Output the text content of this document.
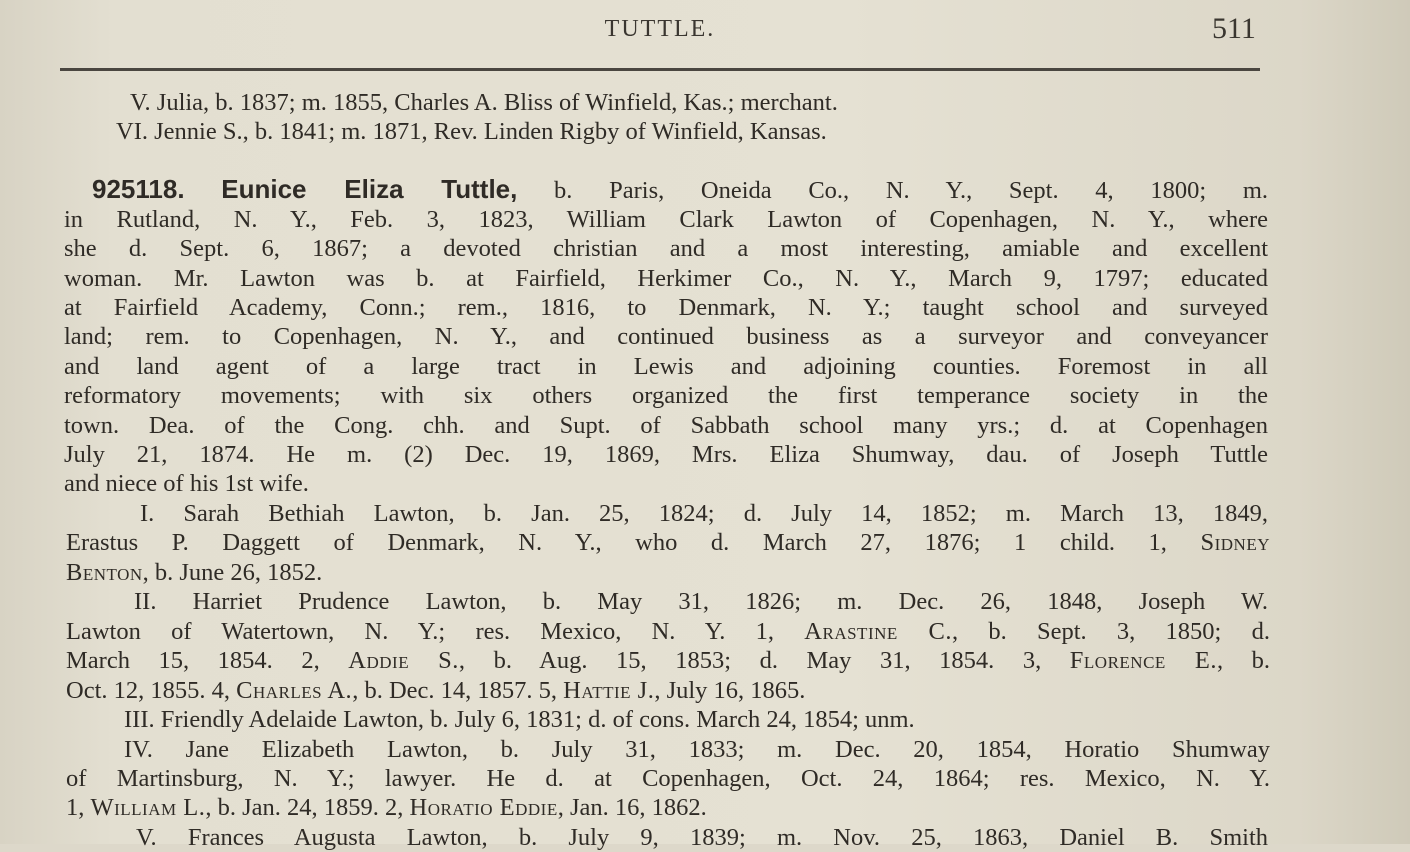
TUTTLE.	511
V. Julia, b. 1837; m. 1855, Charles A. Bliss of Winfield, Kas.; merchant.
VI. Jennie S., b. 1841; m. 1871, Rev. Linden Rigby of Winfield, Kansas.
925118. Eunice Eliza Tuttle, b. Paris, Oneida Co., N. Y., Sept. 4, 1800; m.
in Rutland, N. Y., Feb. 3, 1823, William Clark Lawton of Copenhagen, N. Y., where
she d. Sept. 6, 1867; a devoted christian and a most interesting, amiable and excellent
woman. Mr. Lawton was b. at Fairfield, Herkimer Co., N. Y., March 9, 1797; educated
at Fairfield Academy, Conn.; rem., 1816, to Denmark, N. Y.; taught school and surveyed
land; rem. to Copenhagen, N. Y., and continued business as a surveyor and conveyancer
and land agent of a large tract in Lewis and adjoining counties. Foremost in all
reformatory movements; with six others organized the first temperance society in the
town. Dea. of the Cong. chh. and Supt. of Sabbath school many yrs.; d. at Copenhagen
July 21, 1874. He m. (2) Dec. 19, 1869, Mrs. Eliza Shumway, dau. of Joseph Tuttle
and niece of his 1st wife.
I. Sarah Bethiah Lawton, b. Jan. 25, 1824; d. July 14, 1852; m. March 13, 1849,
Erastus P. Daggett of Denmark, N. Y., who d. March 27, 1876; 1 child. 1, Sidney
Benton, b. June 26, 1852.
II. Harriet Prudence Lawton, b. May 31, 1826; m. Dec. 26, 1848, Joseph W.
Lawton of Watertown, N. Y.; res. Mexico, N. Y. 1, Arastine C., b. Sept. 3, 1850; d.
March 15, 1854. 2, Addie S., b. Aug. 15, 1853; d. May 31, 1854. 3, Florence E., b.
Oct. 12, 1855. 4, Charles A., b. Dec. 14, 1857. 5, Hattie J., July 16, 1865.
III. Friendly Adelaide Lawton, b. July 6, 1831; d. of cons. March 24, 1854; unm.
IV. Jane Elizabeth Lawton, b. July 31, 1833; m. Dec. 20, 1854, Horatio Shumway
of Martinsburg, N. Y.; lawyer. He d. at Copenhagen, Oct. 24, 1864; res. Mexico, N. Y.
1, William L., b. Jan. 24, 1859. 2, Horatio Eddie, Jan. 16, 1862.
V. Frances Augusta Lawton, b. July 9, 1839; m. Nov. 25, 1863, Daniel B. Smith
